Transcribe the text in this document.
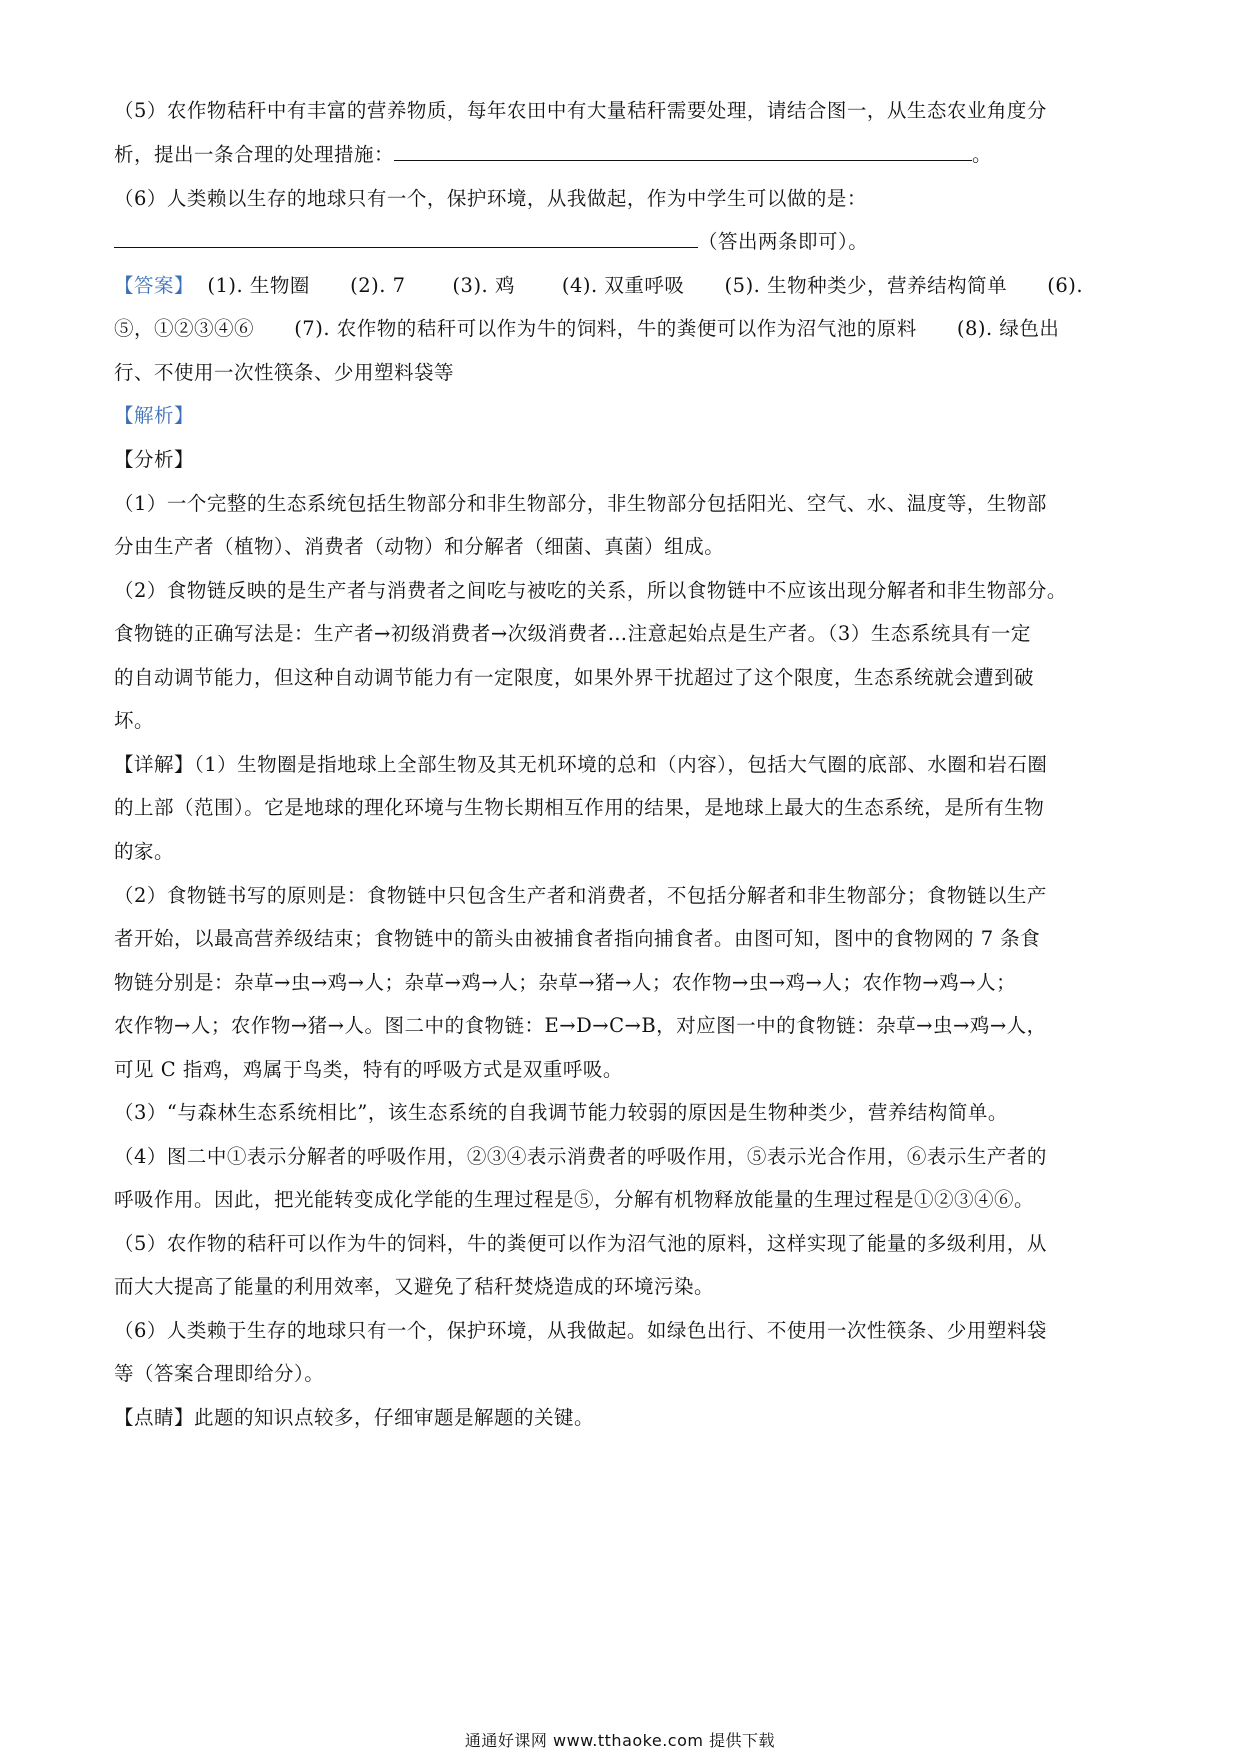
（5）农作物秸秆中有丰富的营养物质，每年农田中有大量秸秆需要处理，请结合图一，从生态农业角度分
析，提出一条合理的处理措施：	。
（6）人类赖以生存的地球只有一个，保护环境，从我做起，作为中学生可以做的是：
（答出两条即可）。
【答案】  (1). 生物圈      (2). 7       (3). 鸡       (4). 双重呼吸      (5). 生物种类少，营养结构简单      (6).
⑤，①②③④⑥      (7). 农作物的秸秆可以作为牛的饲料，牛的粪便可以作为沼气池的原料      (8). 绿色出
行、不使用一次性筷条、少用塑料袋等
【解析】
【分析】
（1）一个完整的生态系统包括生物部分和非生物部分，非生物部分包括阳光、空气、水、温度等，生物部
分由生产者（植物）、消费者（动物）和分解者（细菌、真菌）组成。
（2）食物链反映的是生产者与消费者之间吃与被吃的关系，所以食物链中不应该出现分解者和非生物部分。
食物链的正确写法是：生产者→初级消费者→次级消费者…注意起始点是生产者。（3）生态系统具有一定
的自动调节能力，但这种自动调节能力有一定限度，如果外界干扰超过了这个限度，生态系统就会遭到破
坏。
【详解】（1）生物圈是指地球上全部生物及其无机环境的总和（内容），包括大气圈的底部、水圈和岩石圈
的上部（范围）。它是地球的理化环境与生物长期相互作用的结果，是地球上最大的生态系统，是所有生物
的家。
（2）食物链书写的原则是：食物链中只包含生产者和消费者，不包括分解者和非生物部分；食物链以生产
者开始，以最高营养级结束；食物链中的箭头由被捕食者指向捕食者。由图可知，图中的食物网的 7 条食
物链分别是：杂草→虫→鸡→人；杂草→鸡→人；杂草→猪→人；农作物→虫→鸡→人；农作物→鸡→人；
农作物→人；农作物→猪→人。图二中的食物链：E→D→C→B，对应图一中的食物链：杂草→虫→鸡→人，
可见 C 指鸡，鸡属于鸟类，特有的呼吸方式是双重呼吸。
（3）“与森林生态系统相比”，该生态系统的自我调节能力较弱的原因是生物种类少，营养结构简单。
（4）图二中①表示分解者的呼吸作用，②③④表示消费者的呼吸作用，⑤表示光合作用，⑥表示生产者的
呼吸作用。因此，把光能转变成化学能的生理过程是⑤，分解有机物释放能量的生理过程是①②③④⑥。
（5）农作物的秸秆可以作为牛的饲料，牛的粪便可以作为沼气池的原料，这样实现了能量的多级利用，从
而大大提高了能量的利用效率，又避免了秸秆焚烧造成的环境污染。
（6）人类赖于生存的地球只有一个，保护环境，从我做起。如绿色出行、不使用一次性筷条、少用塑料袋
等（答案合理即给分）。
【点睛】此题的知识点较多，仔细审题是解题的关键。
通通好课网 www.tthaoke.com 提供下载
